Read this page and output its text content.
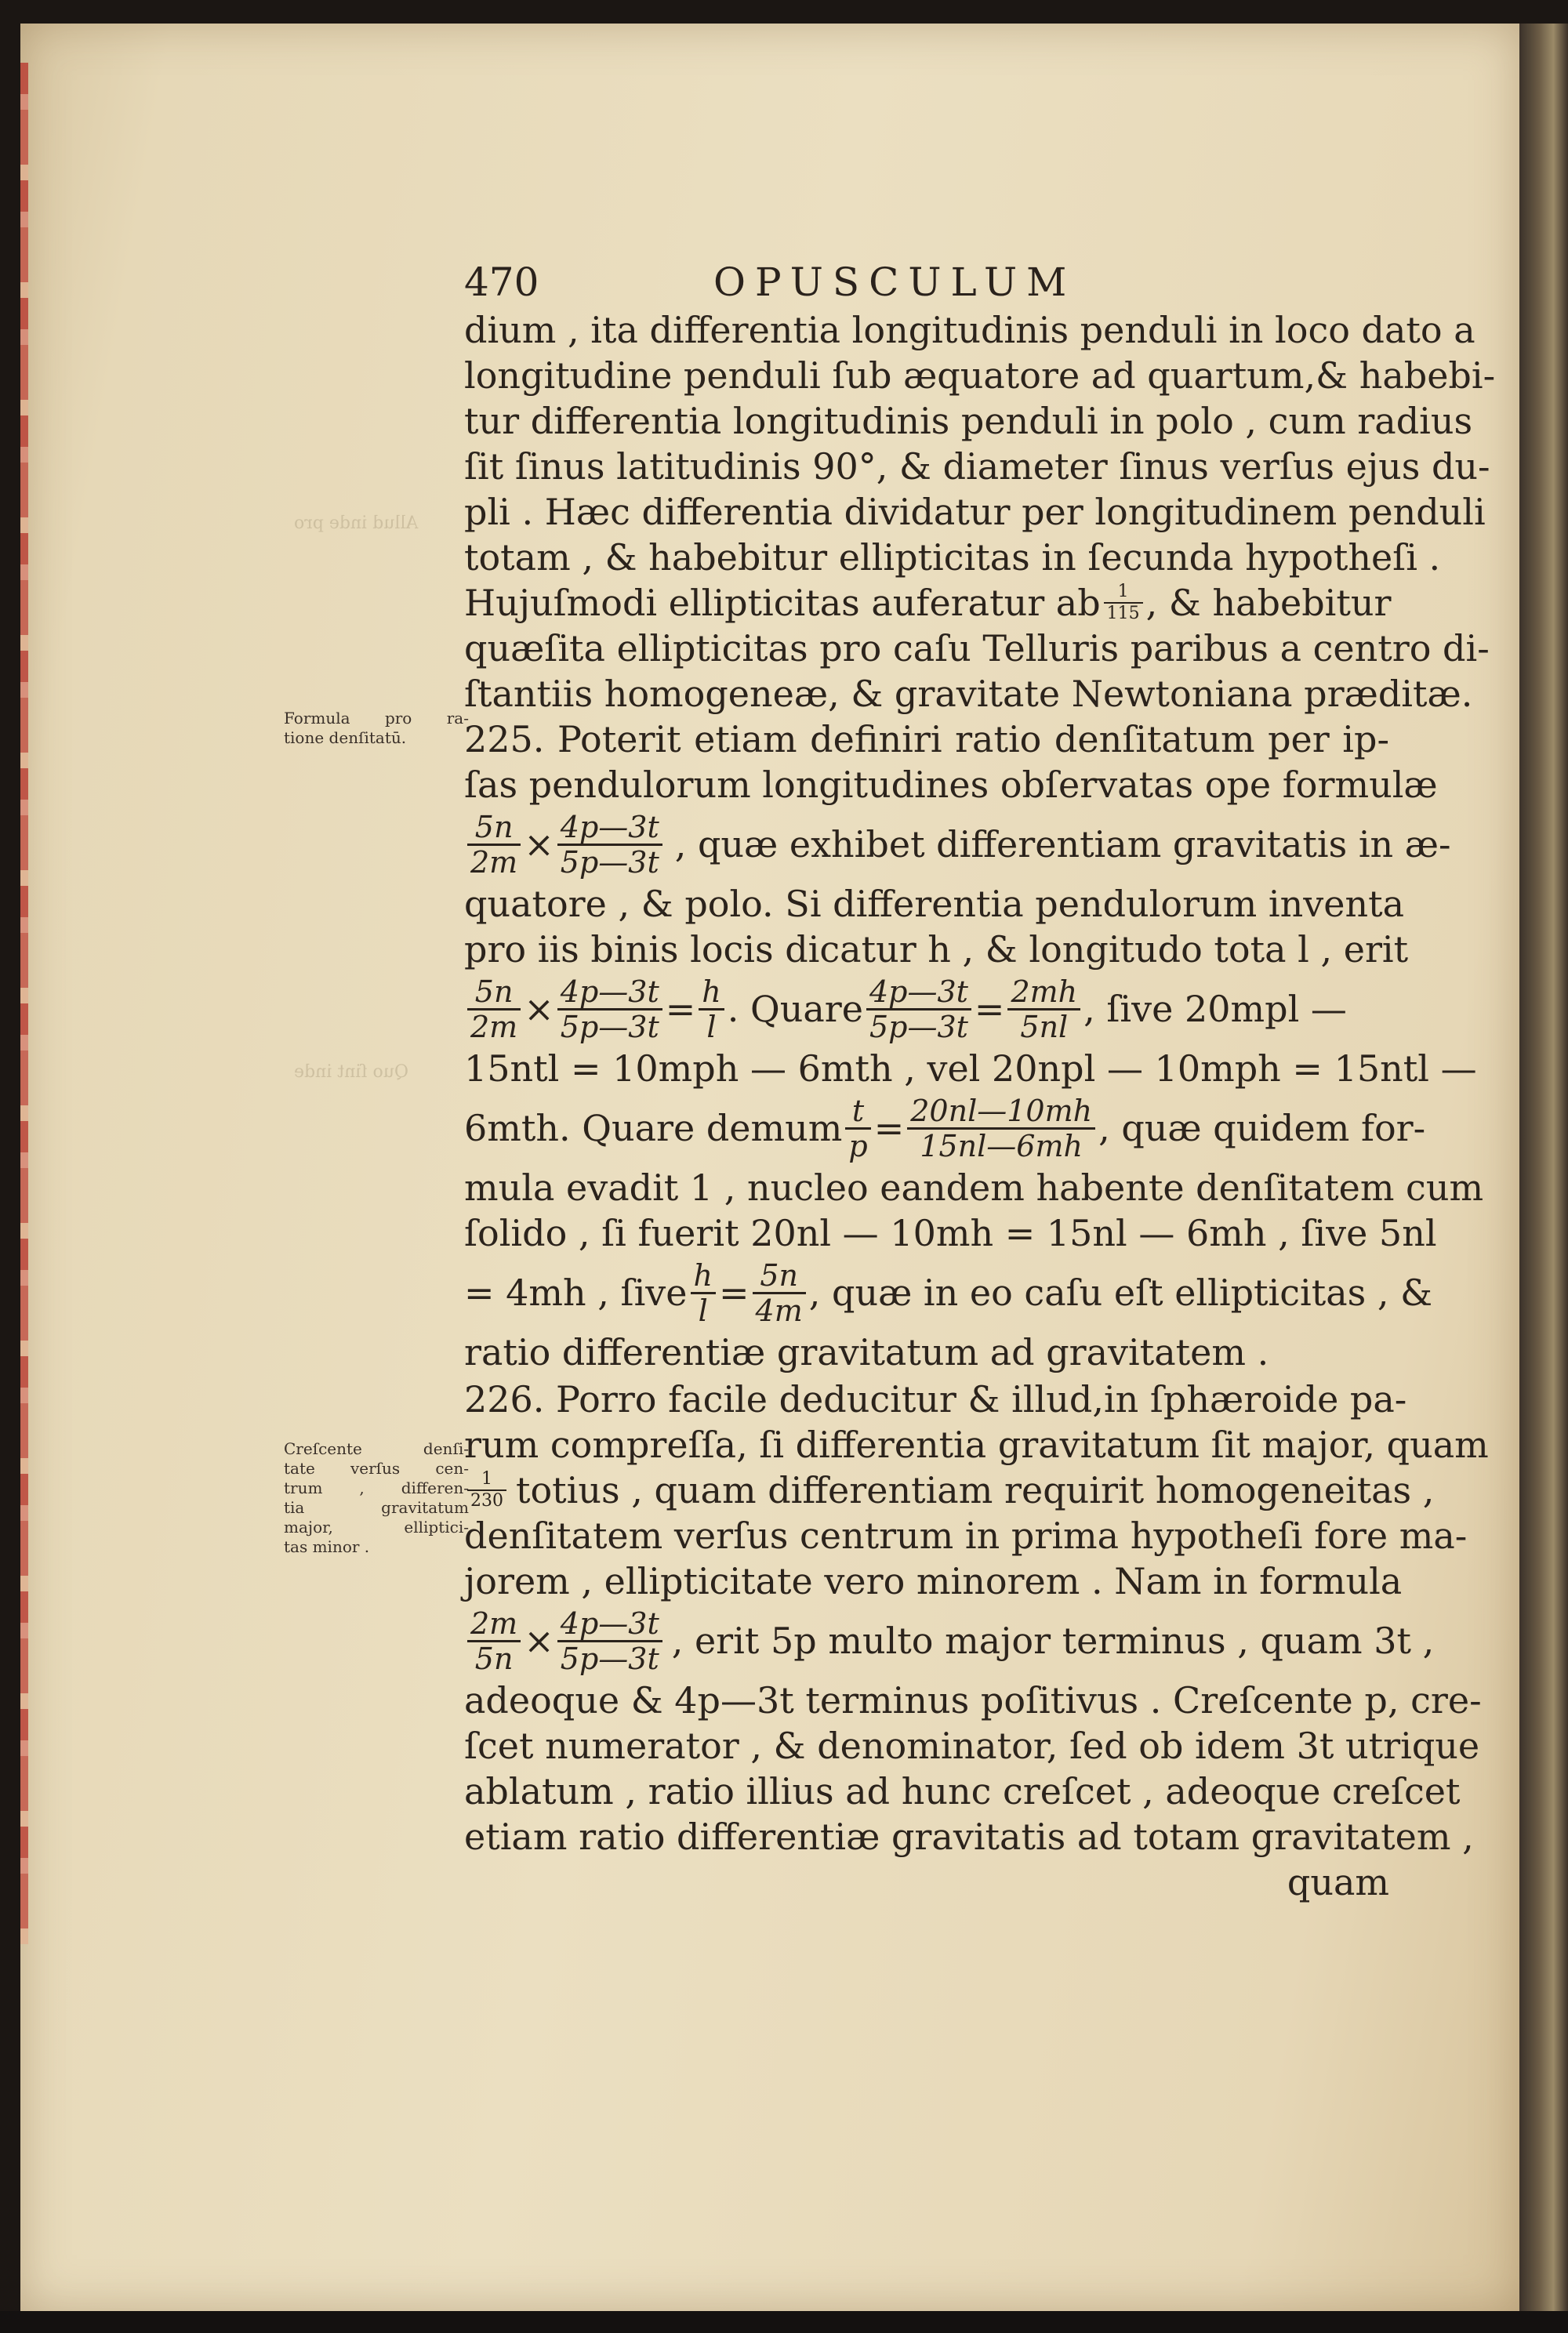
Allud inde pro
Quo ſint inde
470	OPUSCULUM
dium , ita differentia longitudinis penduli in loco dato a
longitudine penduli ſub æquatore ad quartum,& habebi-
tur differentia longitudinis penduli in polo , cum radius
ſit ſinus latitudinis 90°, & diameter ſinus verſus ejus du-
pli . Hæc differentia dividatur per longitudinem penduli
totam , & habebitur ellipticitas in ſecunda hypotheſi .
Hujuſmodi ellipticitas auferatur ab $\frac{1}{115}$ , & habebitur
quæſita ellipticitas pro caſu Telluris paribus a centro di-
ſtantiis homogeneæ, & gravitate Newtoniana præditæ.
225. Poterit etiam definiri ratio denſitatum per ip-
ſas pendulorum longitudines obſervatas ope formulæ
$\frac{5n}{2m} \times \frac{4p—3t}{5p—3t}$ , quæ exhibet differentiam gravitatis in æ-
quatore , & polo. Si differentia pendulorum inventa
pro iis binis locis dicatur h , & longitudo tota l , erit
$\frac{5n}{2m} \times \frac{4p—3t}{5p—3t} = \frac{h}{l}$ . Quare $\frac{4p—3t}{5p—3t} = \frac{2mh}{5nl}$ , ſive 20mpl —
15ntl = 10mph — 6mth , vel 20npl — 10mph = 15ntl —
6mth. Quare demum $\frac{t}{p} = \frac{20nl—10mh}{15nl—6mh}$ , quæ quidem for-
mula evadit 1 , nucleo eandem habente denſitatem cum
ſolido , ſi fuerit 20nl — 10mh = 15nl — 6mh , ſive 5nl
= 4mh , ſive $\frac{h}{l} = \frac{5n}{4m}$ , quæ in eo caſu eſt ellipticitas , &
ratio differentiæ gravitatum ad gravitatem .
226. Porro facile deducitur & illud,in ſphæroide pa-
rum compreſſa, ſi differentia gravitatum ſit major, quam
$\frac{1}{230}$ totius , quam differentiam requirit homogeneitas ,
denſitatem verſus centrum in prima hypotheſi fore ma-
jorem , ellipticitate vero minorem . Nam in formula
$\frac{2m}{5n} \times \frac{4p—3t}{5p—3t}$ , erit 5p multo major terminus , quam 3t ,
adeoque & 4p—3t terminus poſitivus . Creſcente p, cre-
ſcet numerator , & denominator, ſed ob idem 3t utrique
ablatum , ratio illius ad hunc creſcet , adeoque creſcet
etiam ratio differentiæ gravitatis ad totam gravitatem ,
quam
Formula pro ra-
tione denſitatū.
Creſcente denſi-
tate verſus cen-
trum , differen-
tia gravitatum
major, elliptici-
tas minor .
